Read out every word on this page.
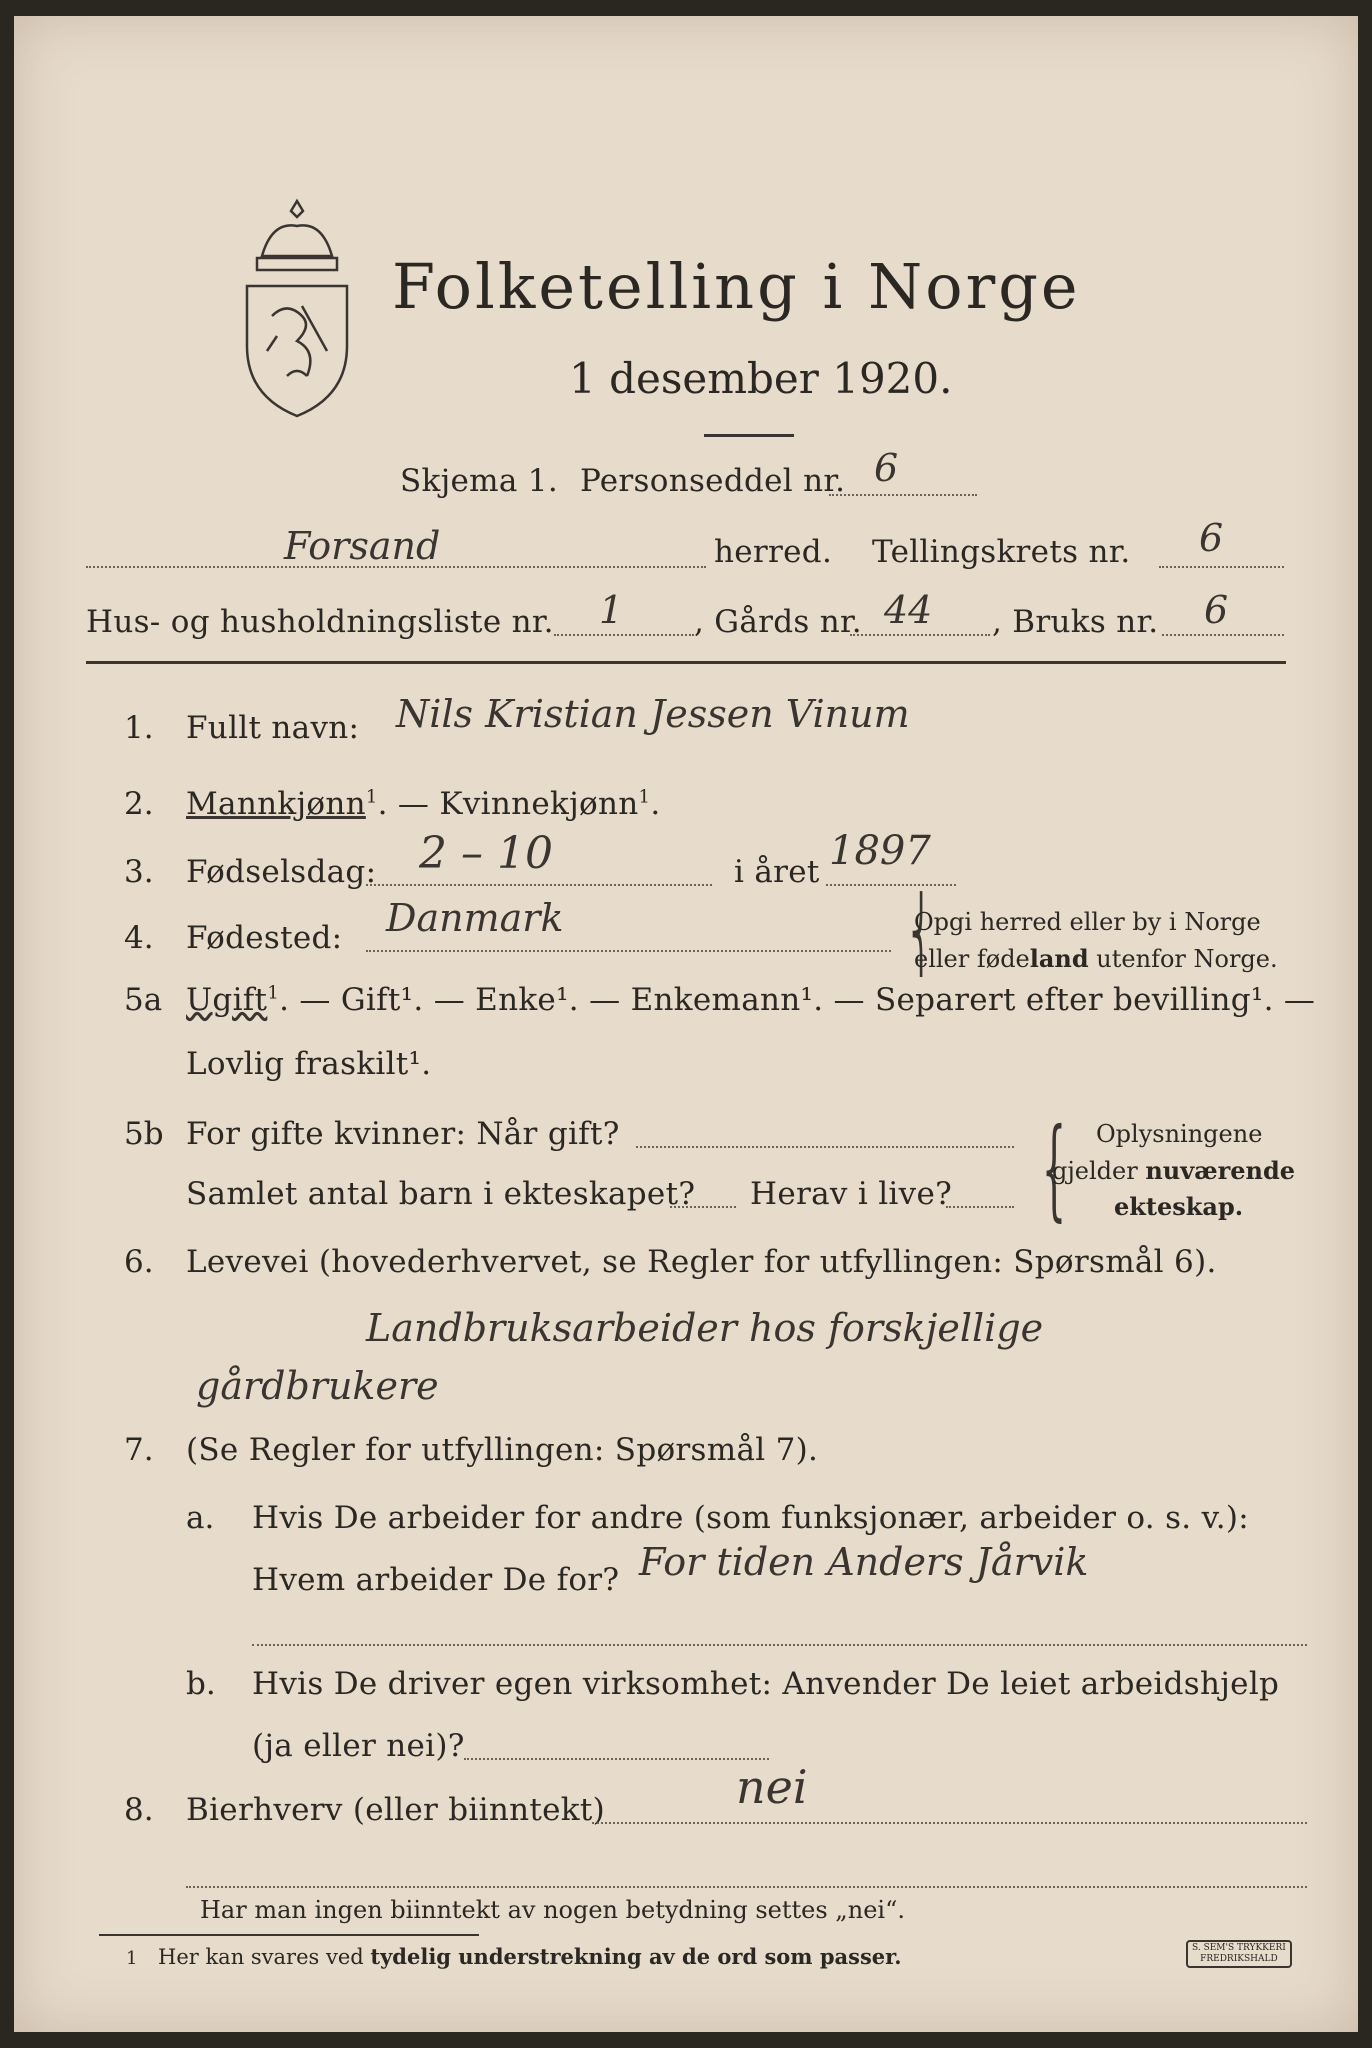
Folketelling i Norge
1 desember 1920.
Skjema 1. Personseddel nr. 6
Forsand	herred. Tellingskrets nr. 6
Hus- og husholdningsliste nr. 1 , Gårds nr. 44 , Bruks nr. 6
1. Fullt navn: Nils Kristian Jessen Vinum
2. Mannkjønn$^1$. — Kvinnekjønn$^1$.
3. Fødselsdag: 2 – 10	i året 1897
4. Fødested: Danmark	⎨
Opgi herred eller by i Norge
eller fødeland utenfor Norge.
5a Ugift$^1$. — Gift¹. — Enke¹. — Enkemann¹. — Separert efter bevilling¹. —
Lovlig fraskilt¹.
5b For gifte kvinner: Når gift?
Samlet antal barn i ekteskapet? Herav i live? { Oplysningene
gjelder nuværende
ekteskap.
6. Levevei (hovederhvervet, se Regler for utfyllingen: Spørsmål 6).
Landbruksarbeider hos forskjellige
gårdbrukere
7. (Se Regler for utfyllingen: Spørsmål 7).
a. Hvis De arbeider for andre (som funksjonær, arbeider o. s. v.):
Hvem arbeider De for? For tiden Anders Jårvik
b. Hvis De driver egen virksomhet: Anvender De leiet arbeidshjelp
(ja eller nei)?
8. Bierhverv (eller biinntekt)	nei
Har man ingen biinntekt av nogen betydning settes „nei“.
1 Her kan svares ved tydelig understrekning av de ord som passer.	S. SEM'S TRYKKERI
FREDRIKSHALD
